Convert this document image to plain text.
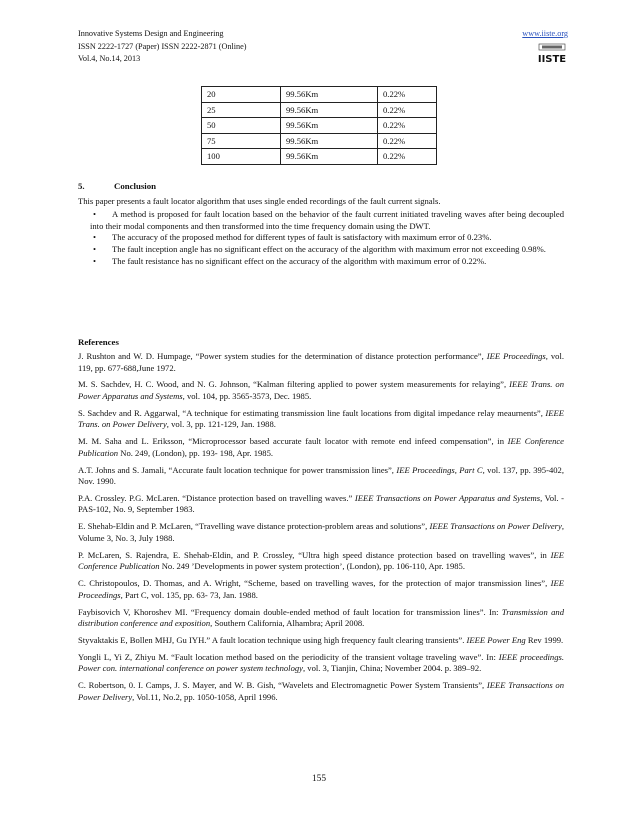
Innovative Systems Design and Engineering
ISSN 2222-1727 (Paper) ISSN 2222-2871 (Online)
Vol.4, No.14, 2013
www.iiste.org
IISTE
20	99.56Km	0.22%
25	99.56Km	0.22%
50	99.56Km	0.22%
75	99.56Km	0.22%
100	99.56Km	0.22%
5.	Conclusion
This paper presents a fault locator algorithm that uses single ended recordings of the fault current signals.
•	A method is proposed for fault location based on the behavior of the fault current initiated traveling waves after being decoupled into their modal components and then transformed into the time frequency domain using the DWT.
•	The accuracy of the proposed method for different types of fault is satisfactory with maximum error of 0.23%.
•	The fault inception angle has no significant effect on the accuracy of the algorithm with maximum error not exceeding 0.98%.
•	The fault resistance has no significant effect on the accuracy of the algorithm with maximum error of 0.22%.
References

J. Rushton and W. D. Humpage, “Power system studies for the determination of distance protection performance”, IEE Proceedings, vol. 119, pp. 677-688,June 1972.

M. S. Sachdev, H. C. Wood, and N. G. Johnson, “Kalman filtering applied to power system measurements for relaying”, IEEE Trans. on Power Apparatus and Systems, vol. 104, pp. 3565-3573, Dec. 1985.

S. Sachdev and R. Aggarwal, “A technique for estimating transmission line fault locations from digital impedance relay meaurnents”, IEEE Trans. on Power Delivery, vol. 3, pp. 121-129, Jan. 1988.

M. M. Saha and L. Eriksson, “Microprocessor based accurate fault locator with remote end infeed compensation”, in IEE Conference Publication No. 249, (London), pp. 193- 198, Apr. 1985.

A.T. Johns and S. Jamali, “Accurate fault location technique for power transmission lines”, IEE Proceedings, Part C, vol. 137, pp. 395-402, Nov. 1990.

P.A. Crossley. P.G. McLaren. “Distance protection based on travelling waves.” IEEE Transactions on Power Apparatus and Systems, Vol. -PAS-102, No. 9, September 1983.

E. Shehab-Eldin and P. McLaren, “Travelling wave distance protection-problem areas and solutions”, IEEE Transactions on Power Delivery, Volume 3, No. 3, July 1988.

P. McLaren, S. Rajendra, E. Shehab-Eldin, and P. Crossley, “Ultra high speed distance protection based on travelling waves”, in IEE Conference Publication No. 249 ’Developments in power system protection’, (London), pp. 106-110, Apr. 1985.

C. Christopoulos, D. Thomas, and A. Wright, “Scheme, based on travelling waves, for the protection of major transmission lines”, IEE Proceedings, Part C, vol. 135, pp. 63- 73, Jan. 1988.

Faybisovich V, Khoroshev MI. “Frequency domain double-ended method of fault location for transmission lines”. In: Transmission and distribution conference and exposition, Southern California, Alhambra; April 2008.

Styvaktakis E, Bollen MHJ, Gu IYH.” A fault location technique using high frequency fault clearing transients”. IEEE Power Eng Rev 1999.

Yongli L, Yi Z, Zhiyu M. “Fault location method based on the periodicity of the transient voltage traveling wave”. In: IEEE proceedings. Power con. international conference on power system technology, vol. 3, Tianjin, China; November 2004. p. 389–92.

C. Robertson, 0. I. Camps, J. S. Mayer, and W. B. Gish, “Wavelets and Electromagnetic Power System Transients”, IEEE Transactions on Power Delivery, Vol.11, No.2, pp. 1050-1058, April 1996.

155
